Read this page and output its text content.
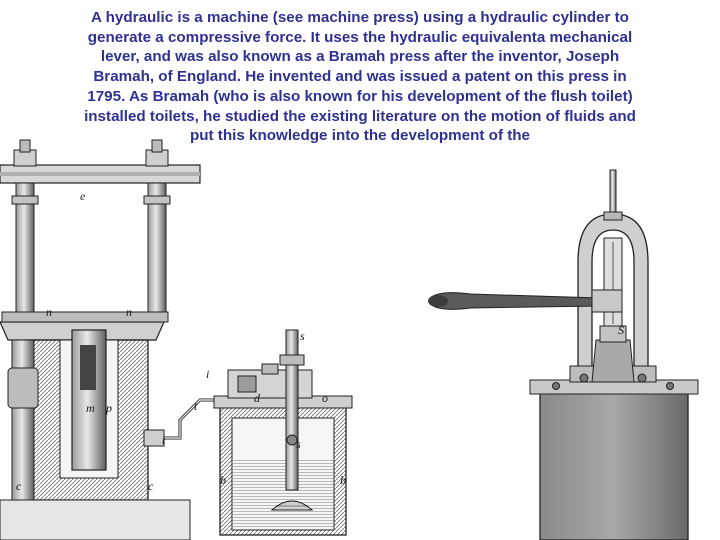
e
n	n
m p
c	c
s
i
t
t
d	o
b	b
s
S

A hydraulic is a machine (see machine press) using a hydraulic cylinder to
generate a compressive force. It uses the hydraulic equivalenta mechanical
lever, and was also known as a Bramah press after the inventor, Joseph
Bramah, of England. He invented and was issued a patent on this press in
1795. As Bramah (who is also known for his development of the flush toilet)
installed toilets, he studied the existing literature on the motion of fluids and
put this knowledge into the development of the
